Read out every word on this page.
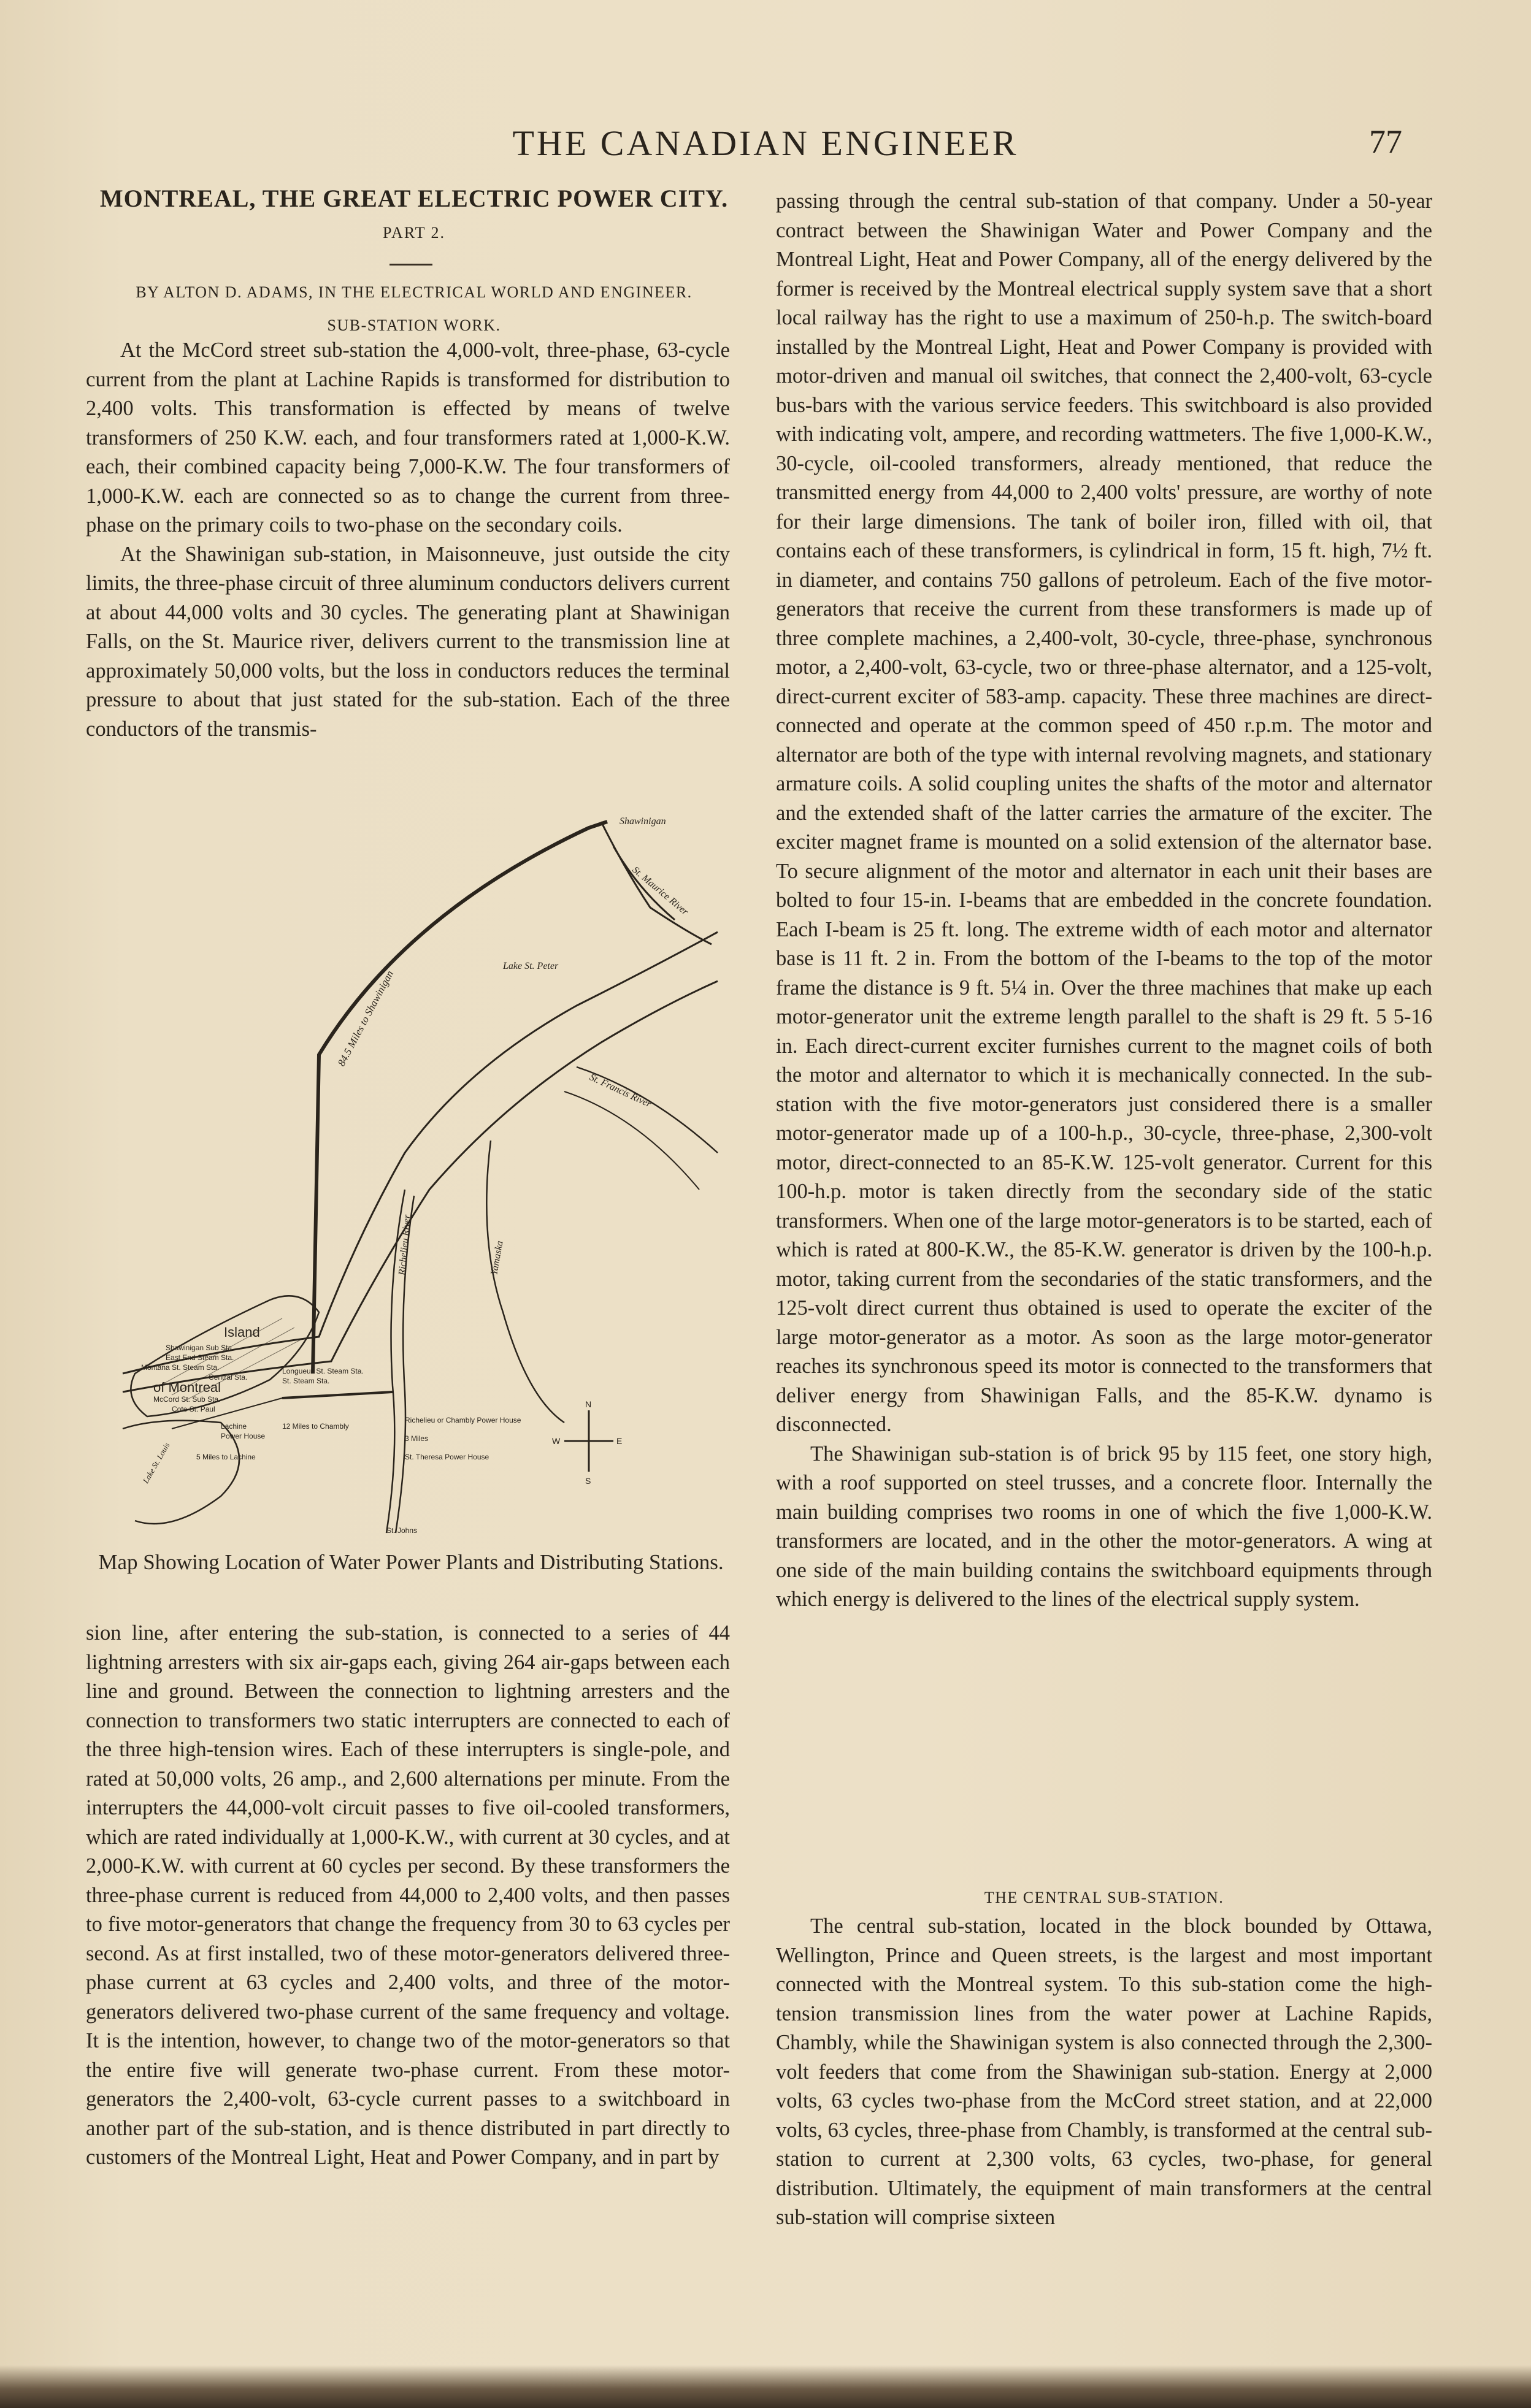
THE CANADIAN ENGINEER	77
MONTREAL, THE GREAT ELECTRIC POWER CITY.
PART 2.
BY ALTON D. ADAMS, IN THE ELECTRICAL WORLD AND ENGINEER.
SUB-STATION WORK.

At the McCord street sub-station the 4,000-volt, three-phase, 63-cycle current from the plant at Lachine Rapids is transformed for distribution to 2,400 volts. This transformation is effected by means of twelve transformers of 250 K.W. each, and four transformers rated at 1,000-K.W. each, their combined capacity being 7,000-K.W. The four transformers of 1,000-K.W. each are connected so as to change the current from three-phase on the primary coils to two-phase on the secondary coils.

At the Shawinigan sub-station, in Maisonneuve, just outside the city limits, the three-phase circuit of three aluminum conductors delivers current at about 44,000 volts and 30 cycles. The generating plant at Shawinigan Falls, on the St. Maurice river, delivers current to the transmission line at approximately 50,000 volts, but the loss in conductors reduces the terminal pressure to about that just stated for the sub-station. Each of the three conductors of the transmis-

Shawinigan
St. Maurice River
84.5 Miles to Shawinigan
Lake St. Peter
St. Francis River
Richelieu River	Yamaska
Island
Shawinigan Sub Sta.
East End Steam Sta.
Montana St. Steam Sta.
Central Sta.
of Montreal
McCord St. Sub Sta.
Cote St. Paul
Longueuil St. Steam Sta.
St. Steam Sta.
Lachine
Power House
12 Miles to Chambly
5 Miles to Lachine
Richelieu or Chambly Power House
3 Miles
St. Theresa Power House
St. Johns
Lake St. Louis
N
S
E
W
Map Showing Location of Water Power Plants and Distributing Stations.

sion line, after entering the sub-station, is connected to a series of 44 lightning arresters with six air-gaps each, giving 264 air-gaps between each line and ground. Between the connection to lightning arresters and the connection to transformers two static interrupters are connected to each of the three high-tension wires. Each of these interrupters is single-pole, and rated at 50,000 volts, 26 amp., and 2,600 alternations per minute. From the interrupters the 44,000-volt circuit passes to five oil-cooled transformers, which are rated individually at 1,000-K.W., with current at 30 cycles, and at 2,000-K.W. with current at 60 cycles per second. By these transformers the three-phase current is reduced from 44,000 to 2,400 volts, and then passes to five motor-generators that change the frequency from 30 to 63 cycles per second. As at first installed, two of these motor-generators delivered three-phase current at 63 cycles and 2,400 volts, and three of the motor-generators delivered two-phase current of the same frequency and voltage. It is the intention, however, to change two of the motor-generators so that the entire five will generate two-phase current. From these motor-generators the 2,400-volt, 63-cycle current passes to a switchboard in another part of the sub-station, and is thence distributed in part directly to customers of the Montreal Light, Heat and Power Company, and in part by

passing through the central sub-station of that company. Under a 50-year contract between the Shawinigan Water and Power Company and the Montreal Light, Heat and Power Company, all of the energy delivered by the former is received by the Montreal electrical supply system save that a short local railway has the right to use a maximum of 250-h.p. The switch-board installed by the Montreal Light, Heat and Power Company is provided with motor-driven and manual oil switches, that connect the 2,400-volt, 63-cycle bus-bars with the various service feeders. This switchboard is also provided with indicating volt, ampere, and recording wattmeters. The five 1,000-K.W., 30-cycle, oil-cooled transformers, already mentioned, that reduce the transmitted energy from 44,000 to 2,400 volts' pressure, are worthy of note for their large dimensions. The tank of boiler iron, filled with oil, that contains each of these transformers, is cylindrical in form, 15 ft. high, 7½ ft. in diameter, and contains 750 gallons of petroleum. Each of the five motor-generators that receive the current from these transformers is made up of three complete machines, a 2,400-volt, 30-cycle, three-phase, synchronous motor, a 2,400-volt, 63-cycle, two or three-phase alternator, and a 125-volt, direct-current exciter of 583-amp. capacity. These three machines are direct-connected and operate at the common speed of 450 r.p.m. The motor and alternator are both of the type with internal revolving magnets, and stationary armature coils. A solid coupling unites the shafts of the motor and alternator and the extended shaft of the latter carries the armature of the exciter. The exciter magnet frame is mounted on a solid extension of the alternator base. To secure alignment of the motor and alternator in each unit their bases are bolted to four 15-in. I-beams that are embedded in the concrete foundation. Each I-beam is 25 ft. long. The extreme width of each motor and alternator base is 11 ft. 2 in. From the bottom of the I-beams to the top of the motor frame the distance is 9 ft. 5¼ in. Over the three machines that make up each motor-generator unit the extreme length parallel to the shaft is 29 ft. 5 5-16 in. Each direct-current exciter furnishes current to the magnet coils of both the motor and alternator to which it is mechanically connected. In the sub-station with the five motor-generators just considered there is a smaller motor-generator made up of a 100-h.p., 30-cycle, three-phase, 2,300-volt motor, direct-connected to an 85-K.W. 125-volt generator. Current for this 100-h.p. motor is taken directly from the secondary side of the static transformers. When one of the large motor-generators is to be started, each of which is rated at 800-K.W., the 85-K.W. generator is driven by the 100-h.p. motor, taking current from the secondaries of the static transformers, and the 125-volt direct current thus obtained is used to operate the exciter of the large motor-generator as a motor. As soon as the large motor-generator reaches its synchronous speed its motor is connected to the transformers that deliver energy from Shawinigan Falls, and the 85-K.W. dynamo is disconnected.

The Shawinigan sub-station is of brick 95 by 115 feet, one story high, with a roof supported on steel trusses, and a concrete floor. Internally the main building comprises two rooms in one of which the five 1,000-K.W. transformers are located, and in the other the motor-generators. A wing at one side of the main building contains the switchboard equipments through which energy is delivered to the lines of the electrical supply system.

THE CENTRAL SUB-STATION.

The central sub-station, located in the block bounded by Ottawa, Wellington, Prince and Queen streets, is the largest and most important connected with the Montreal system. To this sub-station come the high-tension transmission lines from the water power at Lachine Rapids, Chambly, while the Shawinigan system is also connected through the 2,300-volt feeders that come from the Shawinigan sub-station. Energy at 2,000 volts, 63 cycles two-phase from the McCord street station, and at 22,000 volts, 63 cycles, three-phase from Chambly, is transformed at the central sub-station to current at 2,300 volts, 63 cycles, two-phase, for general distribution. Ultimately, the equipment of main transformers at the central sub-station will comprise sixteen
